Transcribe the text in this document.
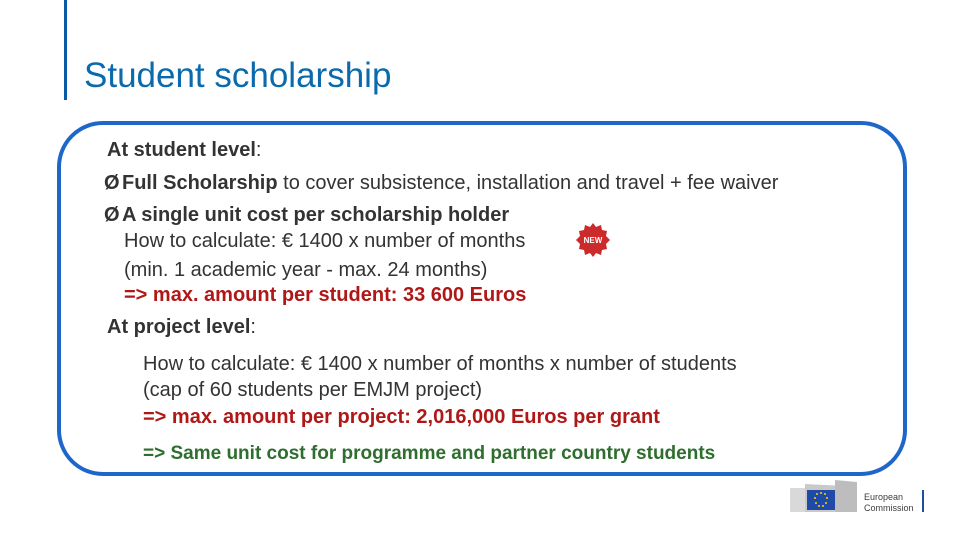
Student scholarship
At student level:
Ø Full Scholarship to cover subsistence, installation and travel + fee waiver
Ø A single unit cost per scholarship holder
How to calculate: € 1400 x number of months
(min. 1 academic year - max. 24 months)
=> max. amount per student: 33 600 Euros
NEW
At project level:
How to calculate: € 1400 x number of months x number of students
(cap of 60 students per EMJM project)
=> max. amount per project: 2,016,000 Euros per grant
=> Same unit cost for programme and partner country students
European
Commission
